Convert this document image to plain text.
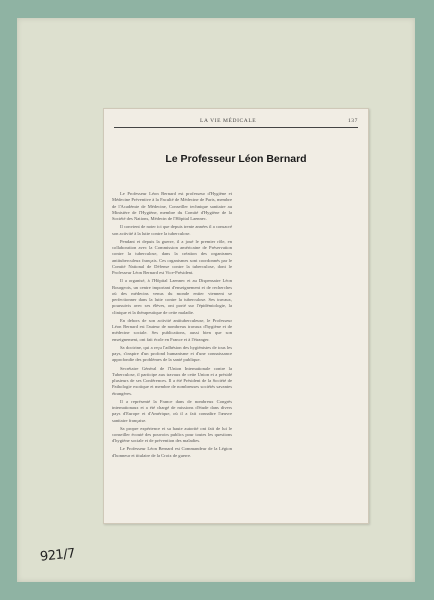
LA VIE MÉDICALE	137
Le Professeur Léon Bernard

Le Professeur Léon Bernard est professeur d'Hygiène et Médecine Préventive à la Faculté de Médecine de Paris, membre de l'Académie de Médecine, Conseiller technique sanitaire au Ministère de l'Hygiène, membre du Comité d'Hygiène de la Société des Nations, Médecin de l'Hôpital Laennec.

Il convient de noter ici que depuis trente années il a consacré son activité à la lutte contre la tuberculose.

Pendant et depuis la guerre, il a joué le premier rôle, en collaboration avec la Commission américaine de Préservation contre la tuberculose, dans la création des organismes antituberculeux français. Ces organismes sont coordonnés par le Comité National de Défense contre la tuberculose, dont le Professeur Léon Bernard est Vice-Président.

Il a organisé, à l'Hôpital Laennec et au Dispensaire Léon Bourgeois, un centre important d'enseignement et de recherches où des médecins venus du monde entier viennent se perfectionner dans la lutte contre la tuberculose. Ses travaux, poursuivis avec ses élèves, ont porté sur l'épidémiologie, la clinique et la thérapeutique de cette maladie.

En dehors de son activité antituberculeuse, le Professeur Léon Bernard est l'auteur de nombreux travaux d'hygiène et de médecine sociale. Ses publications, aussi bien que son enseignement, ont fait école en France et à l'étranger.

Sa doctrine, qui a reçu l'adhésion des hygiénistes de tous les pays, s'inspire d'un profond humanisme et d'une connaissance approfondie des problèmes de la santé publique.

Secrétaire Général de l'Union Internationale contre la Tuberculose, il participe aux travaux de cette Union et a présidé plusieurs de ses Conférences. Il a été Président de la Société de Pathologie exotique et membre de nombreuses sociétés savantes étrangères.

Il a représenté la France dans de nombreux Congrès internationaux et a été chargé de missions d'étude dans divers pays d'Europe et d'Amérique, où il a fait connaître l'œuvre sanitaire française.

Sa propre expérience et sa haute autorité ont fait de lui le conseiller écouté des pouvoirs publics pour toutes les questions d'hygiène sociale et de prévention des maladies.

Le Professeur Léon Bernard est Commandeur de la Légion d'honneur et titulaire de la Croix de guerre.

921/7
